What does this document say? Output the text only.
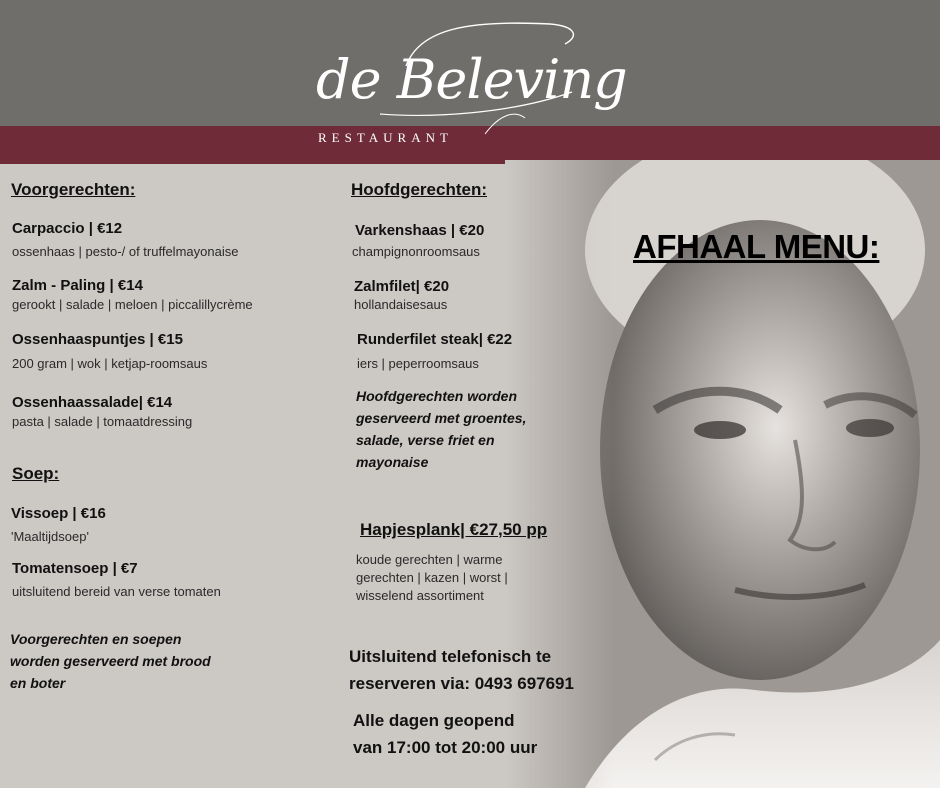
de Beleving
RESTAURANT
AFHAAL MENU:
Voorgerechten:
Carpaccio | €12
ossenhaas | pesto-/ of truffelmayonaise
Zalm - Paling | €14
gerookt | salade | meloen | piccalillycrème
Ossenhaaspuntjes | €15
200 gram | wok | ketjap-roomsaus
Ossenhaassalade| €14
pasta | salade | tomaatdressing
Soep:
Vissoep | €16
'Maaltijdsoep'
Tomatensoep | €7
uitsluitend bereid van verse tomaten
Voorgerechten en soepen
worden geserveerd met brood
en boter
Hoofdgerechten:
Varkenshaas | €20
champignonroomsaus
Zalmfilet| €20
hollandaisesaus
Runderfilet steak| €22
iers | peperroomsaus
Hoofdgerechten worden
geserveerd met groentes,
salade, verse friet en
mayonaise
Hapjesplank| €27,50 pp
koude gerechten | warme
gerechten | kazen | worst |
wisselend assortiment
Uitsluitend telefonisch te
reserveren via: 0493 697691
Alle dagen geopend
van 17:00 tot 20:00 uur
